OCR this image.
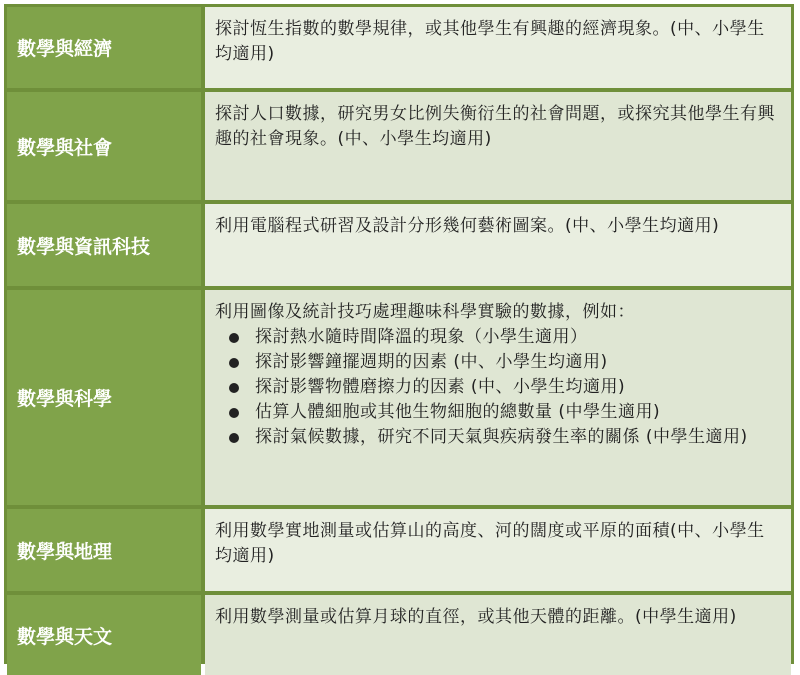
數學與經濟
探討恆生指數的數學規律，或其他學生有興趣的經濟現象。(中、小學生均適用)
數學與社會
探討人口數據，研究男女比例失衡衍生的社會問題，或探究其他學生有興趣的社會現象。(中、小學生均適用)
數學與資訊科技
利用電腦程式研習及設計分形幾何藝術圖案。(中、小學生均適用)
數學與科學
利用圖像及統計技巧處理趣味科學實驗的數據，例如：
探討熱水隨時間降溫的現象（小學生適用）
探討影響鐘擺週期的因素 (中、小學生均適用)
探討影響物體磨擦力的因素 (中、小學生均適用)
估算人體細胞或其他生物細胞的總數量 (中學生適用)
探討氣候數據，研究不同天氣與疾病發生率的關係 (中學生適用)
數學與地理
利用數學實地測量或估算山的高度、河的闊度或平原的面積(中、小學生均適用)
數學與天文
利用數學測量或估算月球的直徑，或其他天體的距離。(中學生適用)
